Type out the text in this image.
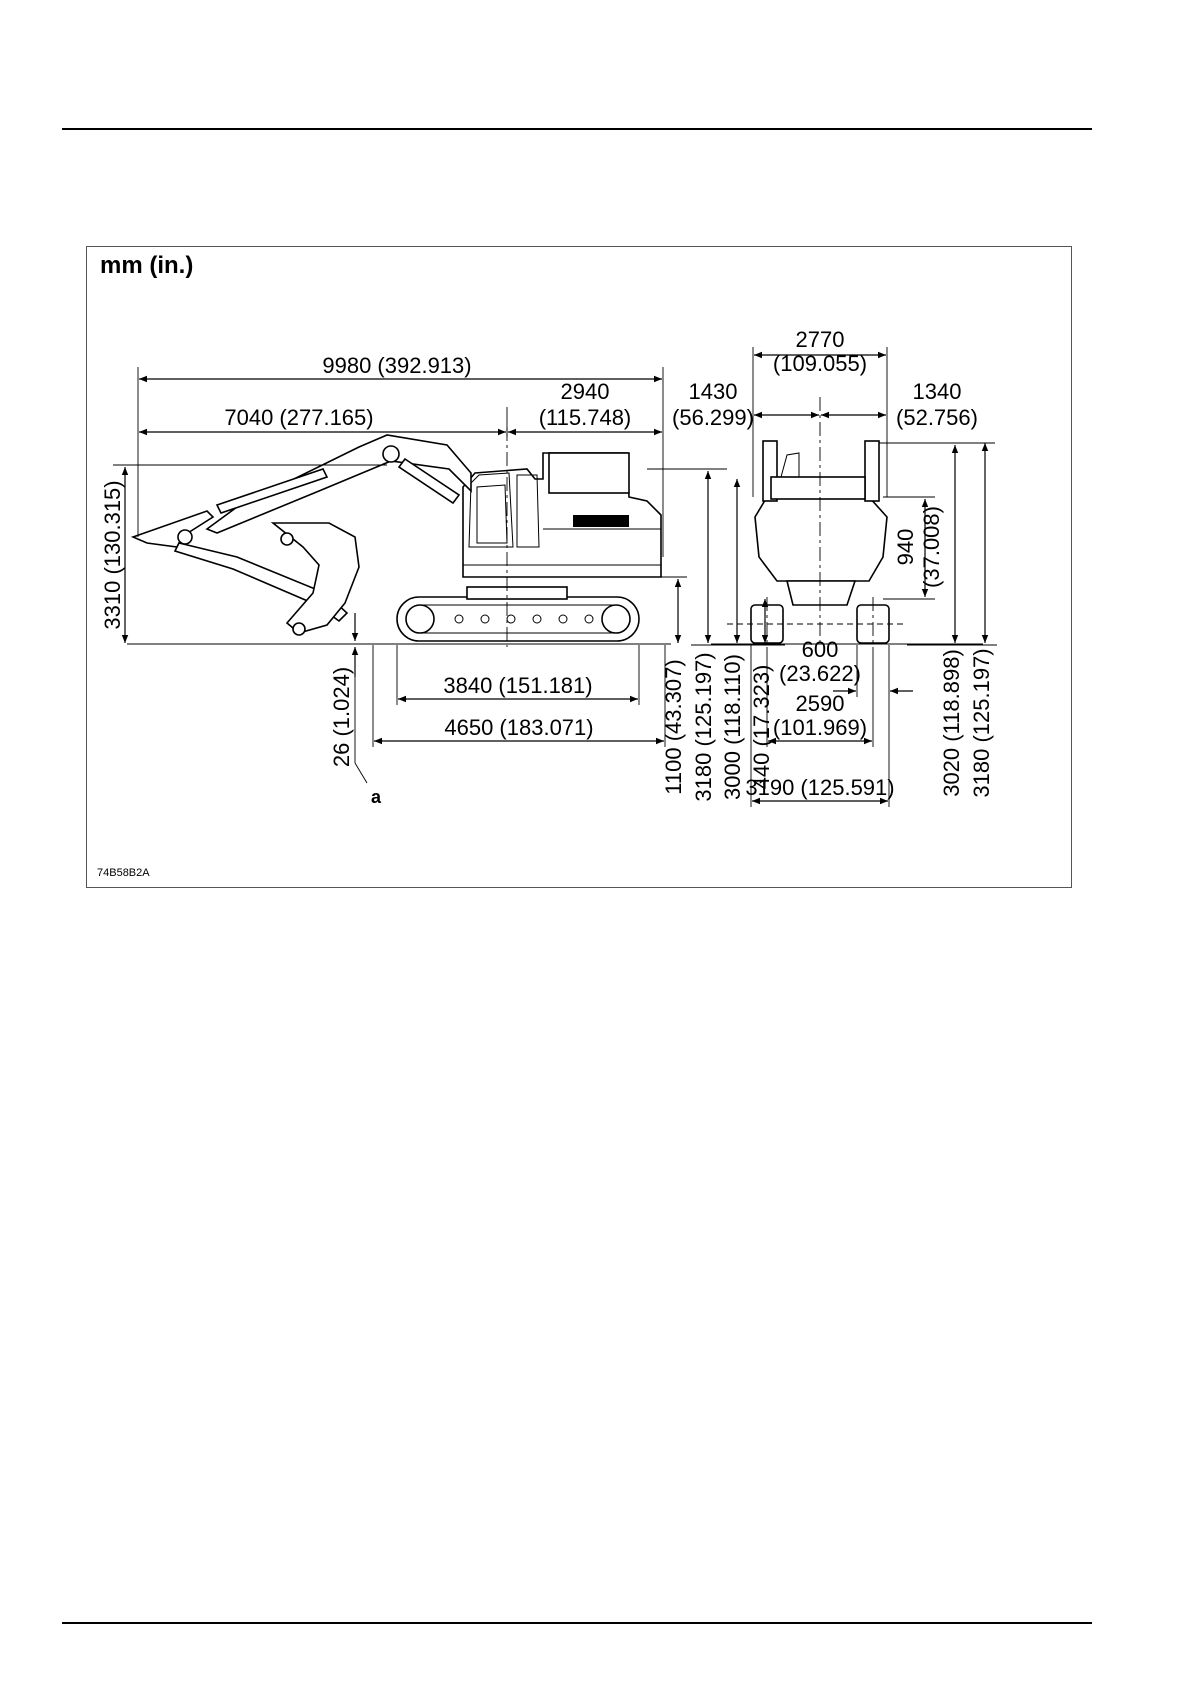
mm (in.)
9980 (392.913)
7040 (277.165)
2940
(115.748)
3310 (130.315)
26 (1.024)
a
3840 (151.181)
4650 (183.071)	1100 (43.307) 3180 (125.197) 3000 (118.110) 440 (17.323)
2770
(109.055)
1430
(56.299)
1340
(52.756)
940 (37.008)
600
(23.622)
2590
(101.969)
3190 (125.591) 3020 (118.898) 3180 (125.197)
74B58B2A
